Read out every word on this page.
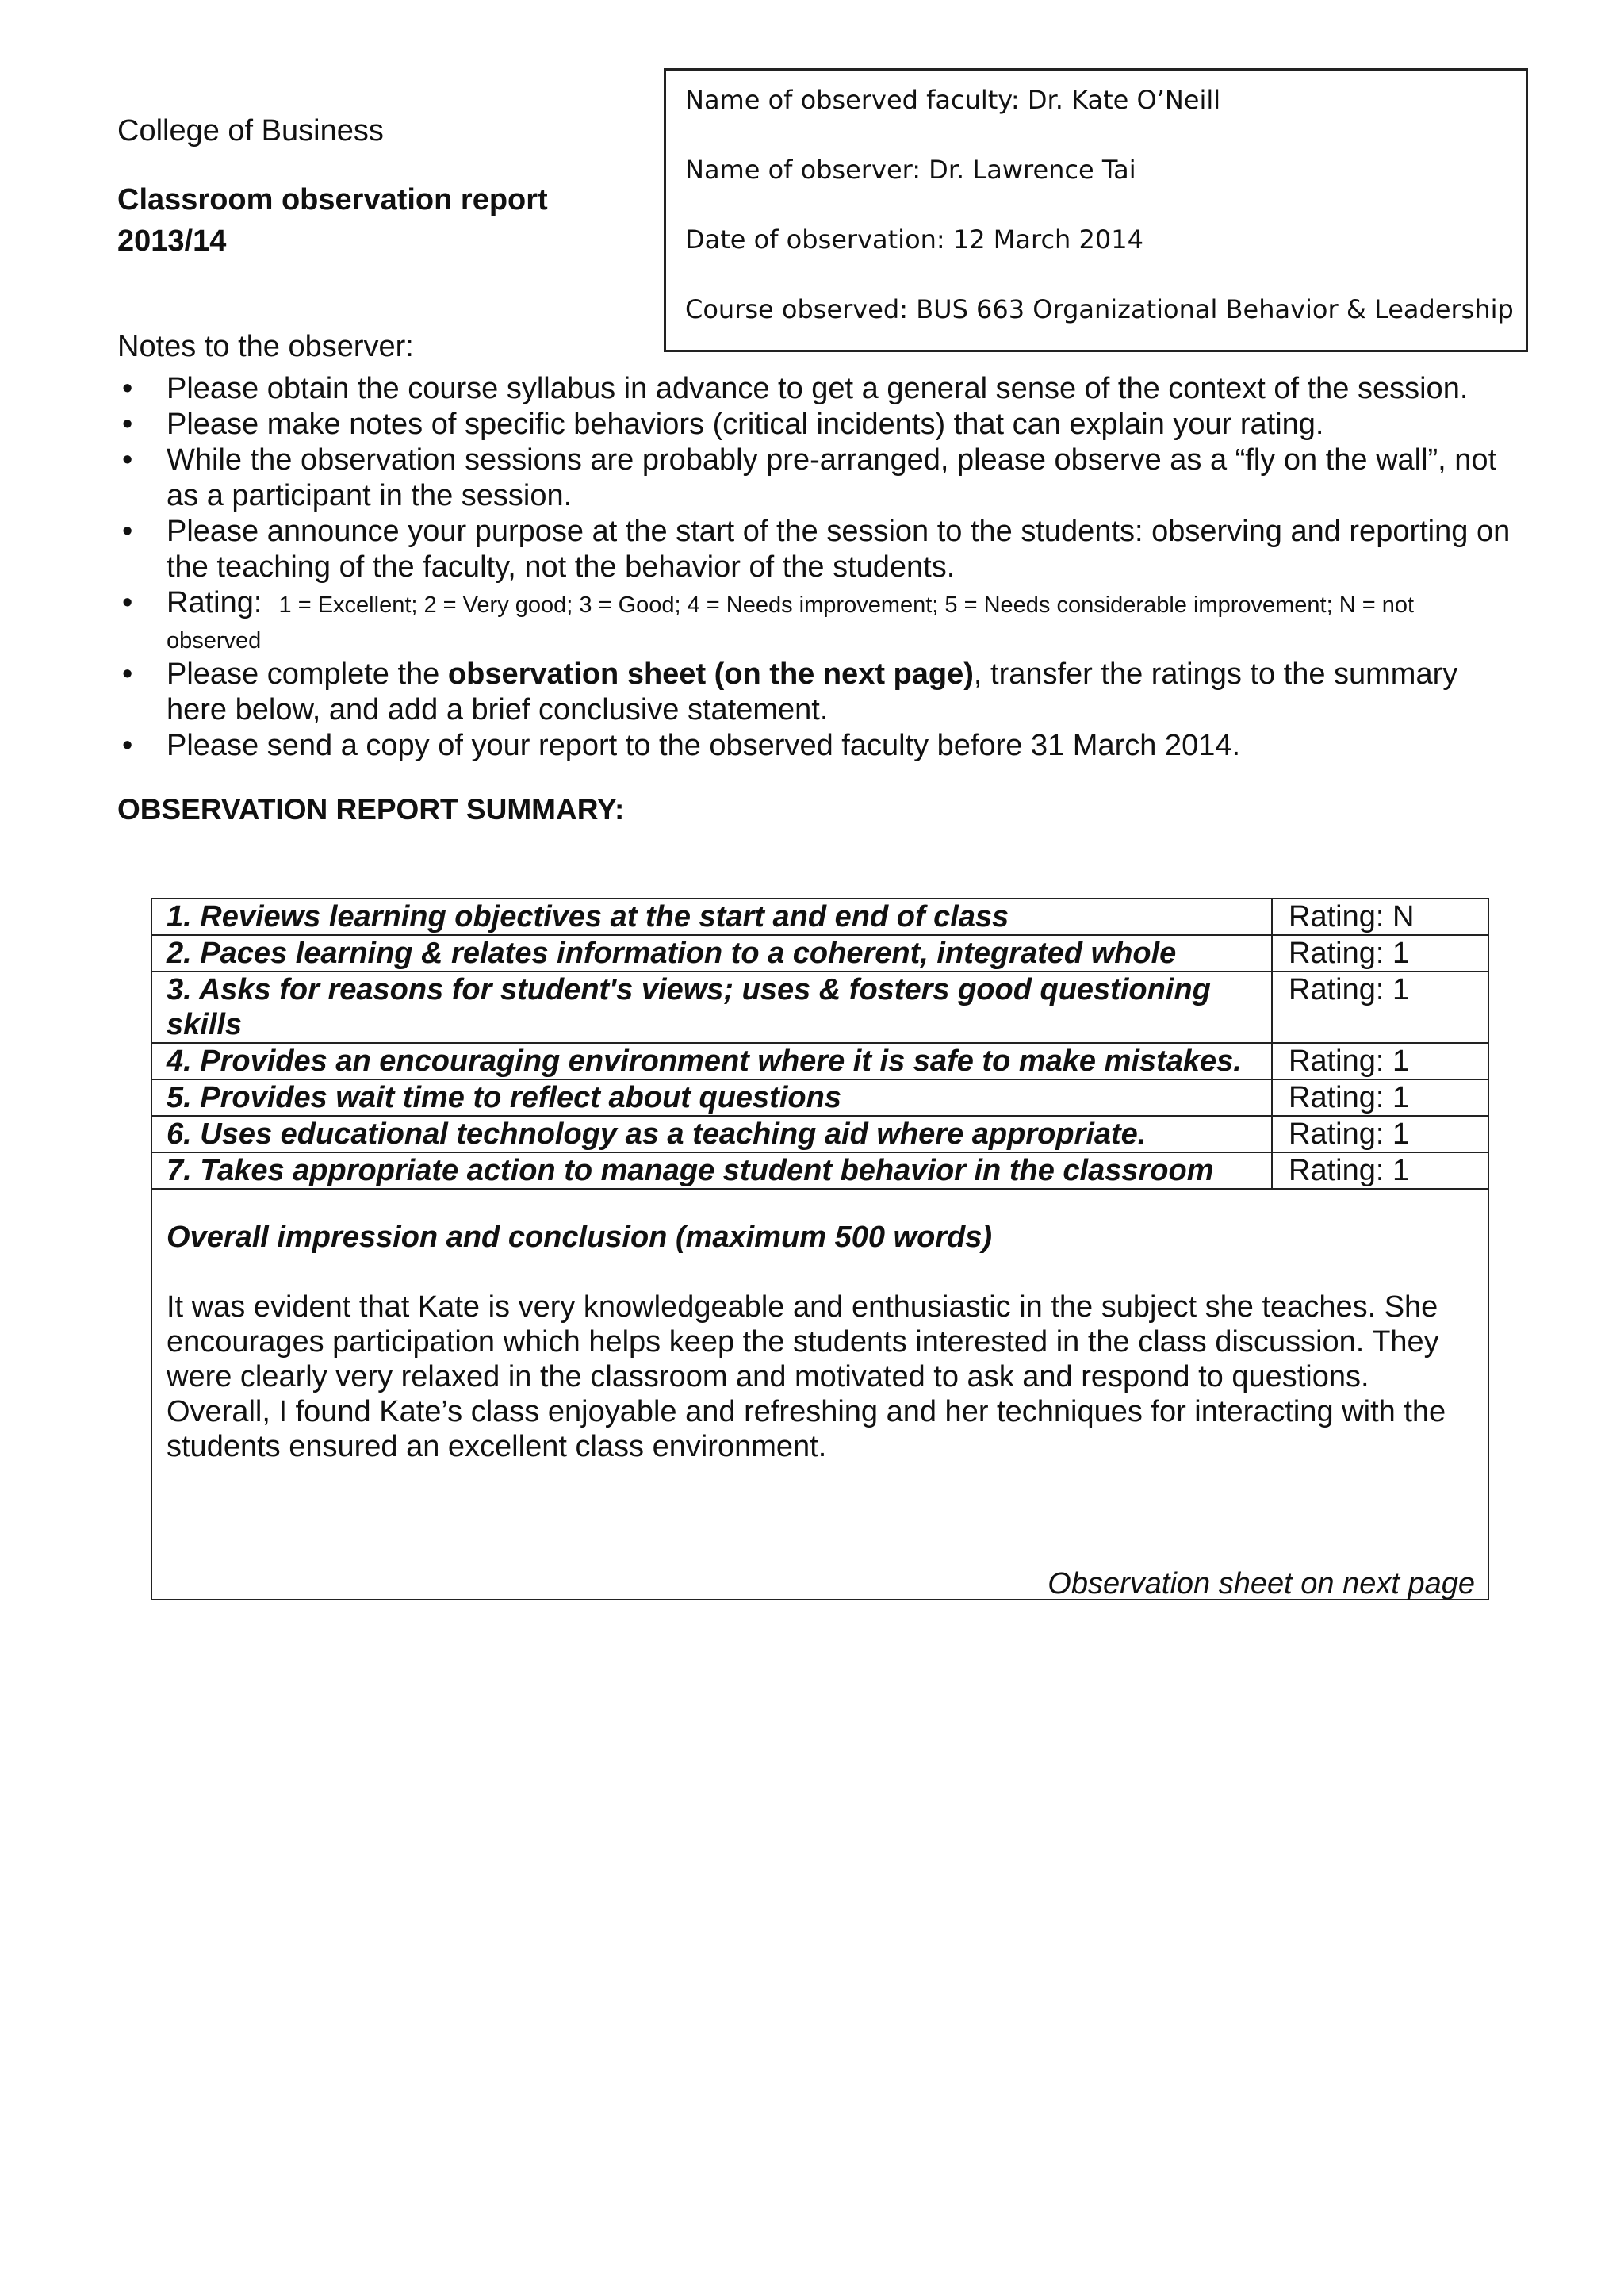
College of Business
Classroom observation report
2013/14
Name of observed faculty: Dr. Kate O’Neill
Name of observer: Dr. Lawrence Tai
Date of observation: 12 March 2014
Course observed: BUS 663 Organizational Behavior & Leadership
Notes to the observer:
• Please obtain the course syllabus in advance to get a general sense of the context of the session.
• Please make notes of specific behaviors (critical incidents) that can explain your rating.
• While the observation sessions are probably pre-arranged, please observe as a “fly on the wall”, not as a participant in the session.
• Please announce your purpose at the start of the session to the students: observing and reporting on the teaching of the faculty, not the behavior of the students.
• Rating: 1 = Excellent; 2 = Very good; 3 = Good; 4 = Needs improvement; 5 = Needs considerable improvement; N = not observed
• Please complete the observation sheet (on the next page), transfer the ratings to the summary here below, and add a brief conclusive statement.
• Please send a copy of your report to the observed faculty before 31 March 2014.
OBSERVATION REPORT SUMMARY:
1. Reviews learning objectives at the start and end of class	Rating: N
2. Paces learning & relates information to a coherent, integrated whole	Rating: 1
3. Asks for reasons for student's views; uses & fosters good questioning skills	Rating: 1
4. Provides an encouraging environment where it is safe to make mistakes.	Rating: 1
5. Provides wait time to reflect about questions	Rating: 1
6. Uses educational technology as a teaching aid where appropriate.	Rating: 1
7. Takes appropriate action to manage student behavior in the classroom	Rating: 1

Overall impression and conclusion (maximum 500 words)
It was evident that Kate is very knowledgeable and enthusiastic in the subject she teaches. She encourages participation which helps keep the students interested in the class discussion. They were clearly very relaxed in the classroom and motivated to ask and respond to questions. Overall, I found Kate’s class enjoyable and refreshing and her techniques for interacting with the students ensured an excellent class environment.	
Observation sheet on next page
